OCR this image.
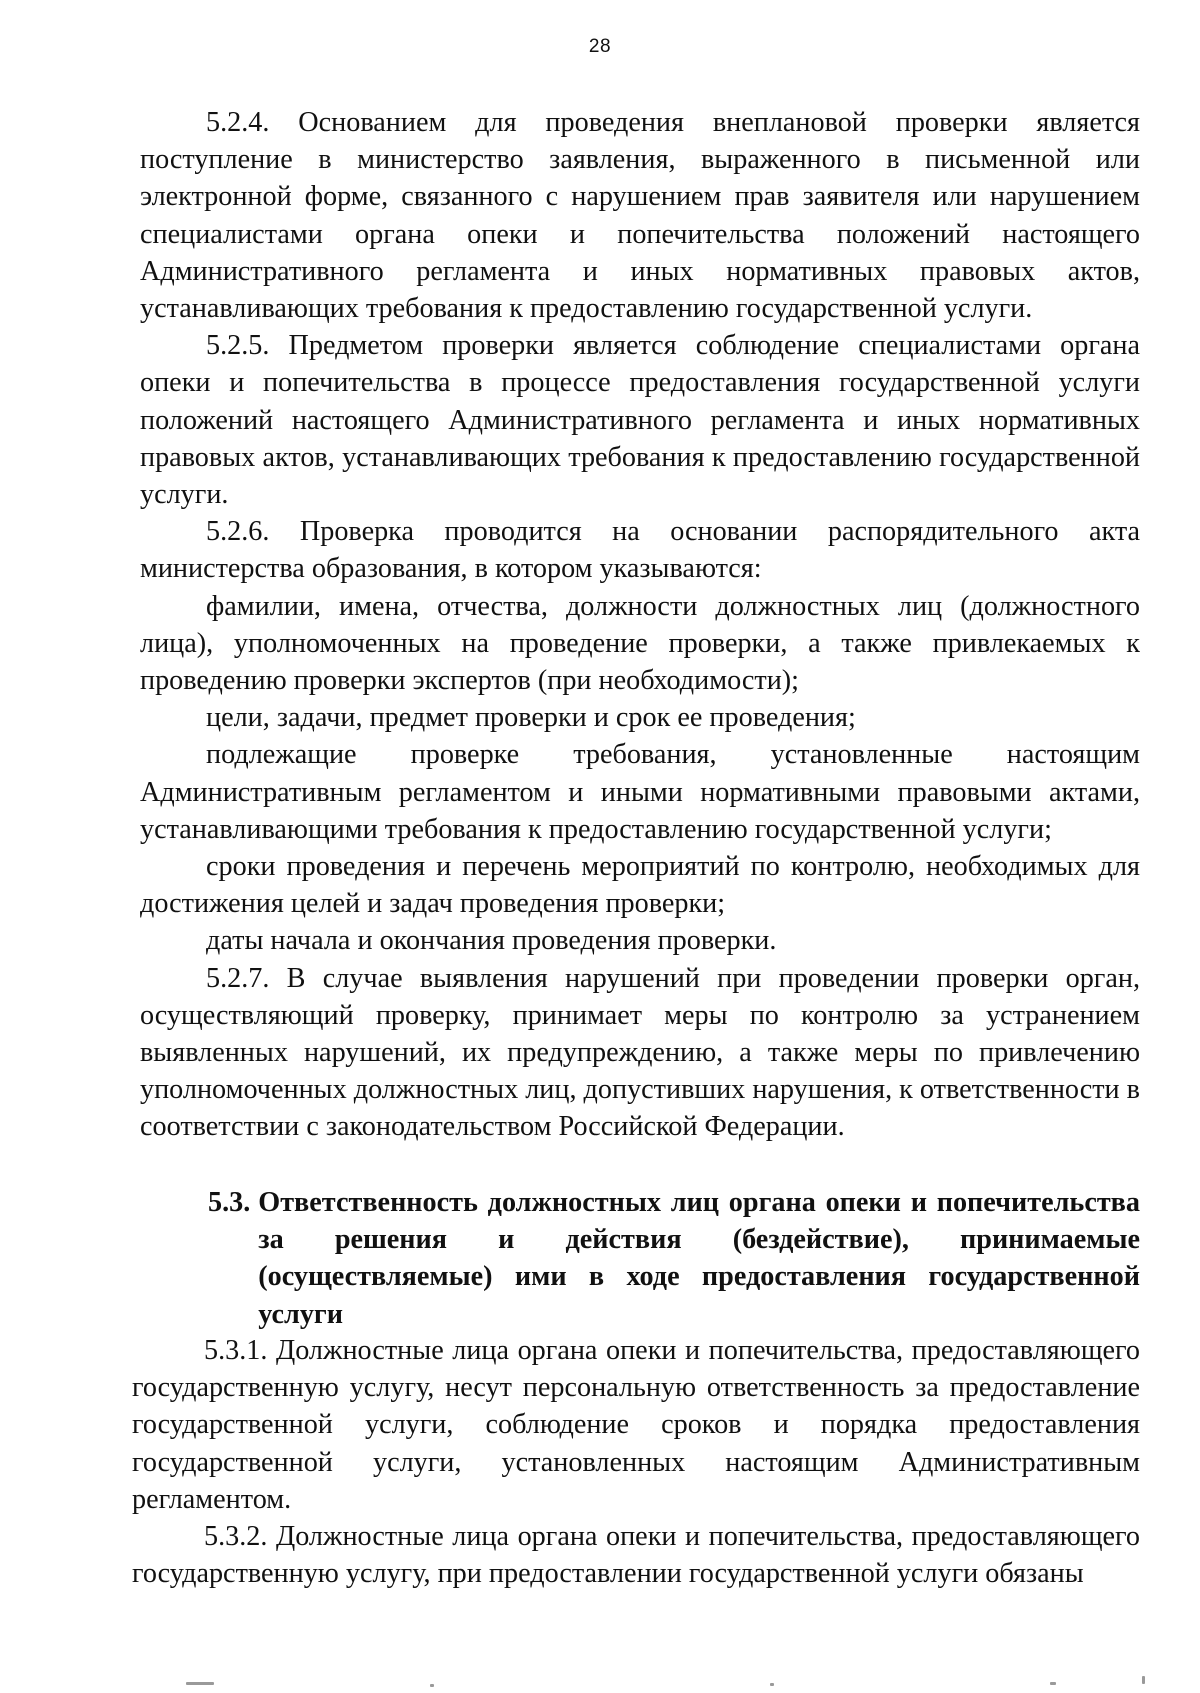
28

5.2.4. Основанием для проведения внеплановой проверки является поступление в министерство заявления, выраженного в письменной или электронной форме, связанного с нарушением прав заявителя или нарушением специалистами органа опеки и попечительства положений настоящего Административного регламента и иных нормативных правовых актов, устанавливающих требования к предоставлению государственной услуги.

5.2.5. Предметом проверки является соблюдение специалистами органа опеки и попечительства в процессе предоставления государственной услуги положений настоящего Административного регламента и иных нормативных правовых актов, устанавливающих требования к предоставлению государственной услуги.

5.2.6. Проверка проводится на основании распорядительного акта министерства образования, в котором указываются:

фамилии, имена, отчества, должности должностных лиц (должностного лица), уполномоченных на проведение проверки, а также привлекаемых к проведению проверки экспертов (при необходимости);

цели, задачи, предмет проверки и срок ее проведения;

подлежащие проверке требования, установленные настоящим Административным регламентом и иными нормативными правовыми актами, устанавливающими требования к предоставлению государственной услуги;

сроки проведения и перечень мероприятий по контролю, необходимых для достижения целей и задач проведения проверки;

даты начала и окончания проведения проверки.

5.2.7. В случае выявления нарушений при проведении проверки орган, осуществляющий проверку, принимает меры по контролю за устранением выявленных нарушений, их предупреждению, а также меры по привлечению уполномоченных должностных лиц, допустивших нарушения, к ответственности в соответствии с законодательством Российской Федерации.

5.3. Ответственность должностных лиц органа опеки и попечительства за решения и действия (бездействие), принимаемые (осуществляемые) ими в ходе предоставления государственной услуги

5.3.1. Должностные лица органа опеки и попечительства, предоставляющего государственную услугу, несут персональную ответственность за предоставление государственной услуги, соблюдение сроков и порядка предоставления государственной услуги, установленных настоящим Административным регламентом.

5.3.2. Должностные лица органа опеки и попечительства, предоставляющего государственную услугу, при предоставлении государственной услуги обязаны
